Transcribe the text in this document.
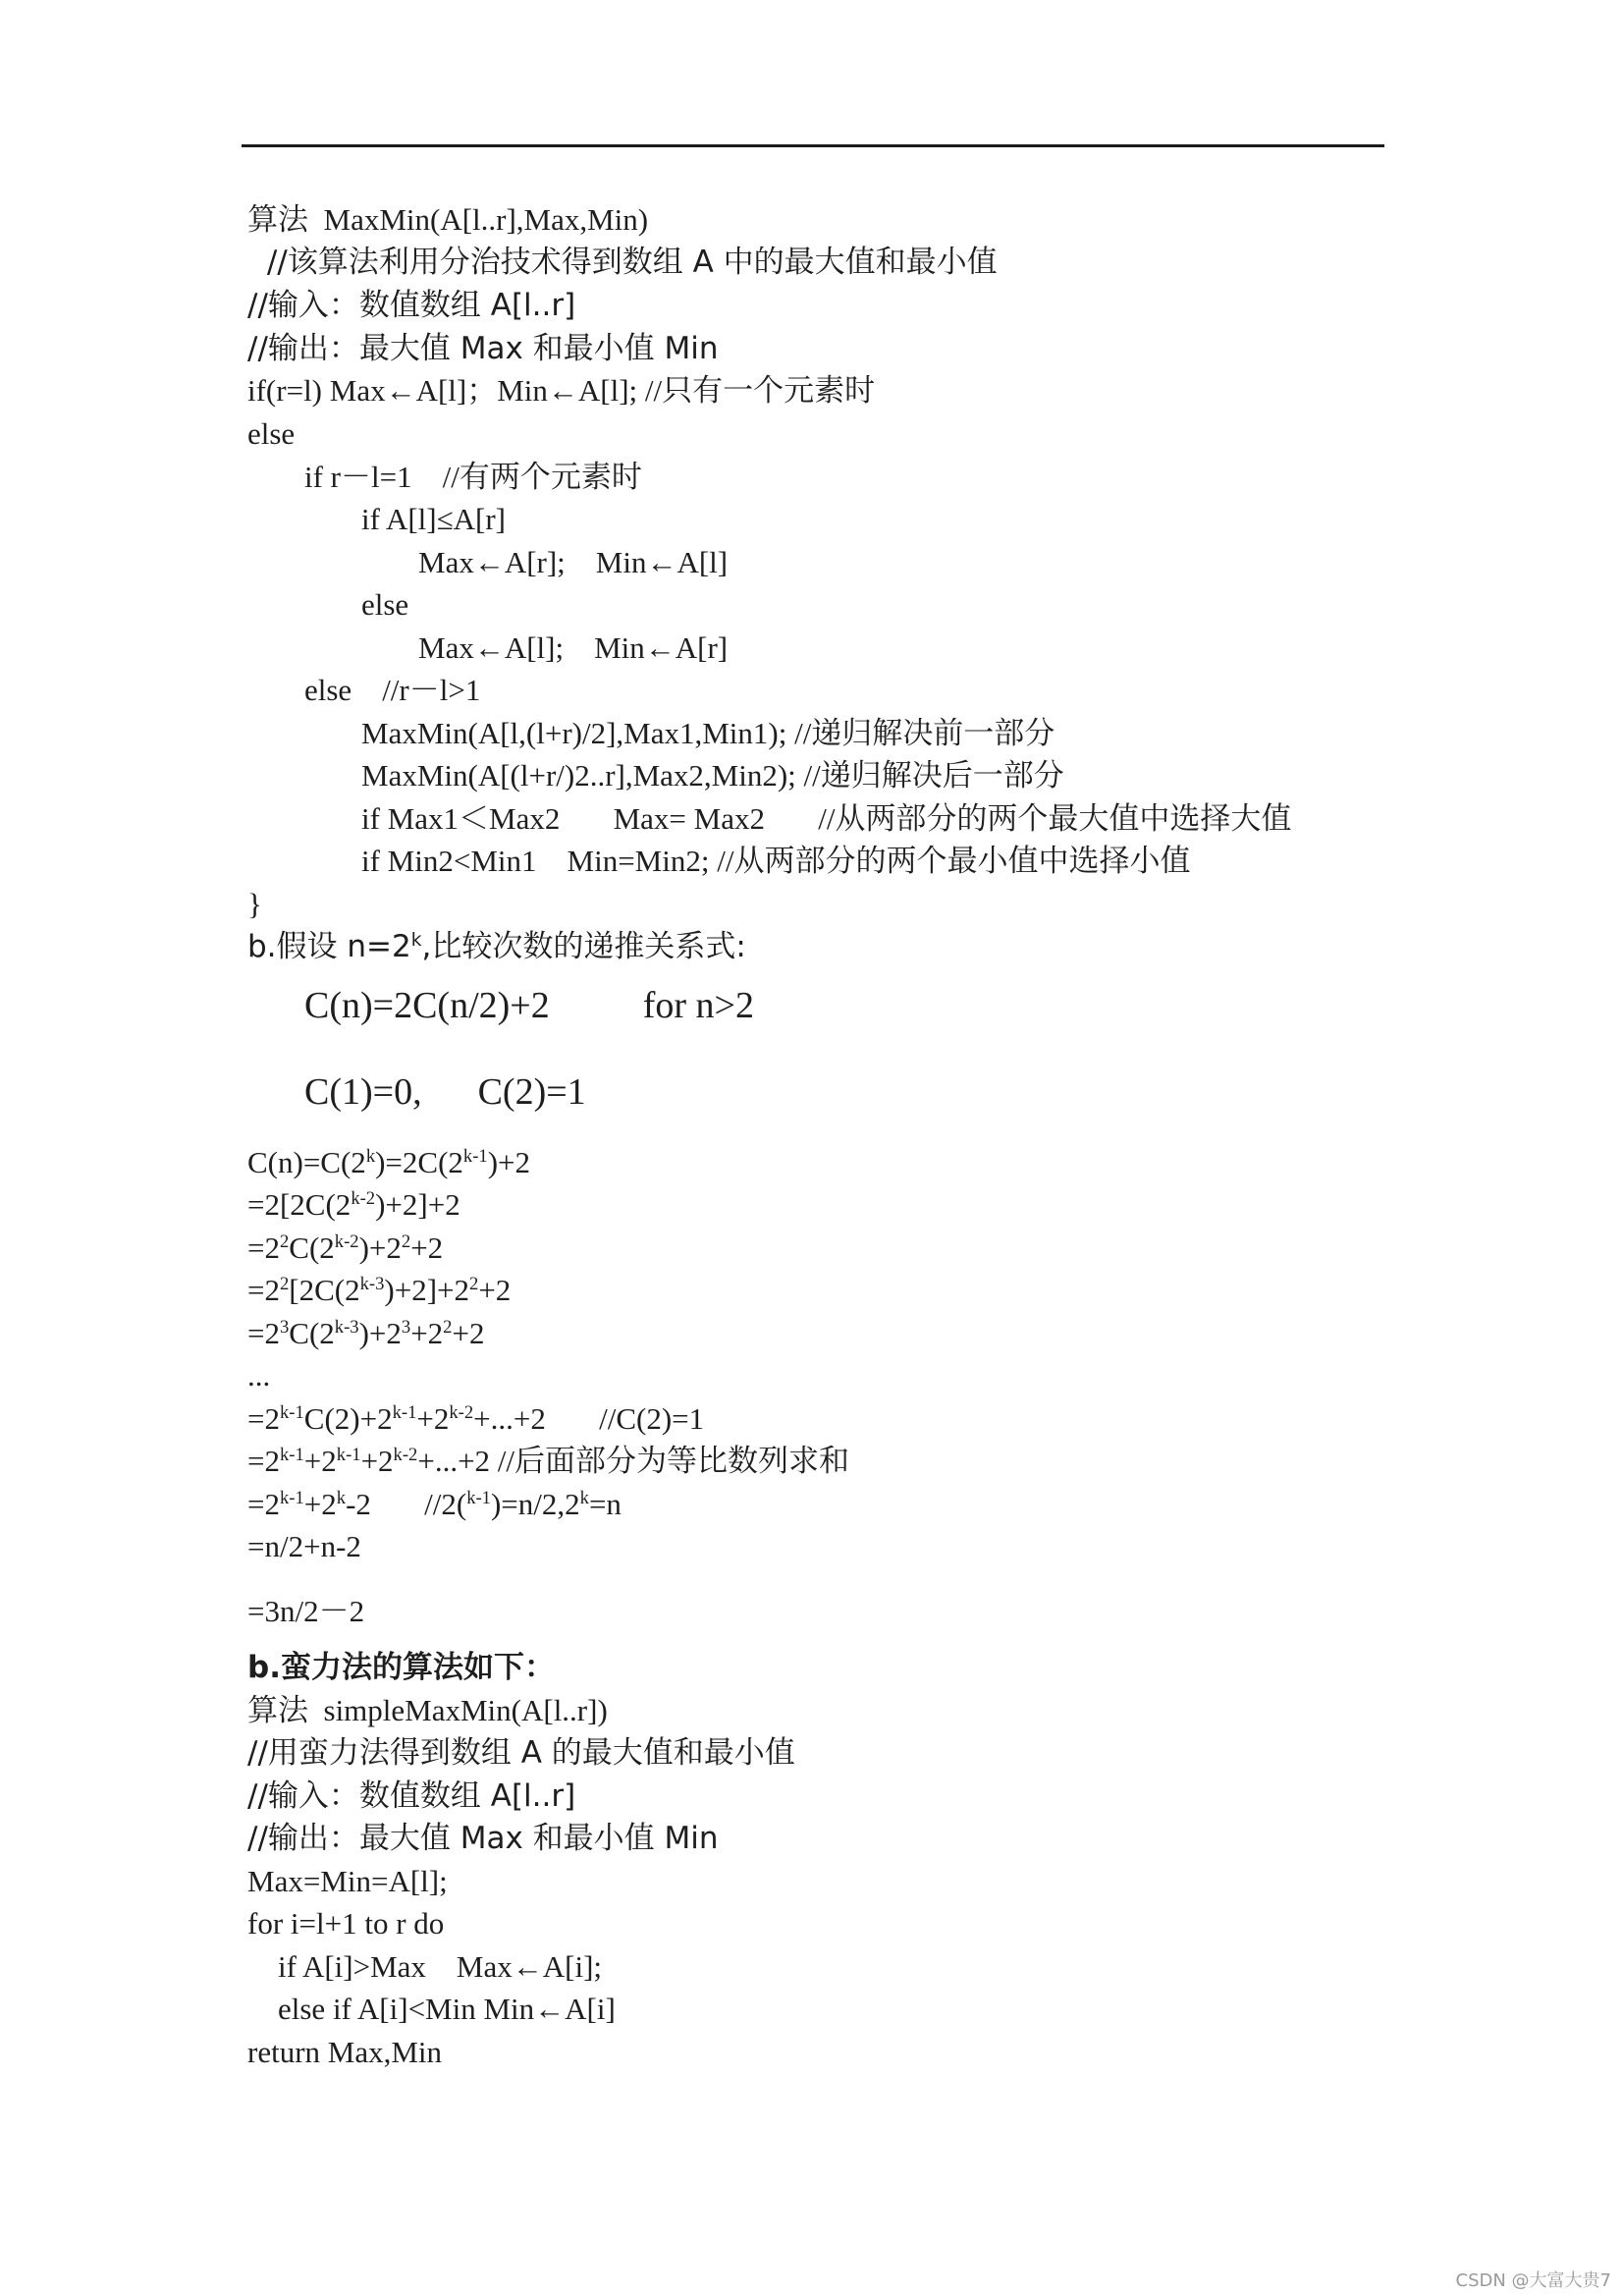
算法  MaxMin(A[l..r],Max,Min)
//该算法利用分治技术得到数组 A 中的最大值和最小值
//输入：数值数组 A[l..r]
//输出：最大值 Max 和最小值 Min
if(r=l) Max←A[l]；Min←A[l]; //只有一个元素时
else
if r－l=1    //有两个元素时
if A[l]≤A[r]
Max←A[r];    Min←A[l]
else
Max←A[l];    Min←A[r]
else    //r－l>1
MaxMin(A[l,(l+r)/2],Max1,Min1); //递归解决前一部分
MaxMin(A[(l+r/)2..r],Max2,Min2); //递归解决后一部分
if Max1＜Max2       Max= Max2       //从两部分的两个最大值中选择大值
if Min2<Min1    Min=Min2; //从两部分的两个最小值中选择小值
}
b.假设 $n=2^k$,比较次数的递推关系式:
C(n)=2C(n/2)+2          for n>2
C(1)=0,      C(2)=1
$C(n)=C(2^k)=2C(2^{k-1})+2$
$=2[2C(2^{k-2})+2]+2$
$=2^2C(2^{k-2})+2^2+2$
$=2^2[2C(2^{k-3})+2]+2^2+2$
$=2^3C(2^{k-3})+2^3+2^2+2$
...
$=2^{k-1}C(2)+2^{k-1}+2^{k-2}+...+2$       //C(2)=1
$=2^{k-1}+2^{k-1}+2^{k-2}+...+2$ //后面部分为等比数列求和
$=2^{k-1}+2^k-2$       $//2(^{k-1})=n/2,2^k=n$
=n/2+n-2
=3n/2－2
b.蛮力法的算法如下：
算法  simpleMaxMin(A[l..r])
//用蛮力法得到数组 A 的最大值和最小值
//输入：数值数组 A[l..r]
//输出：最大值 Max 和最小值 Min
Max=Min=A[l];
for i=l+1 to r do
if A[i]>Max    Max←A[i];
else if A[i]<Min Min←A[i]
return Max,Min
CSDN @大富大贵7
